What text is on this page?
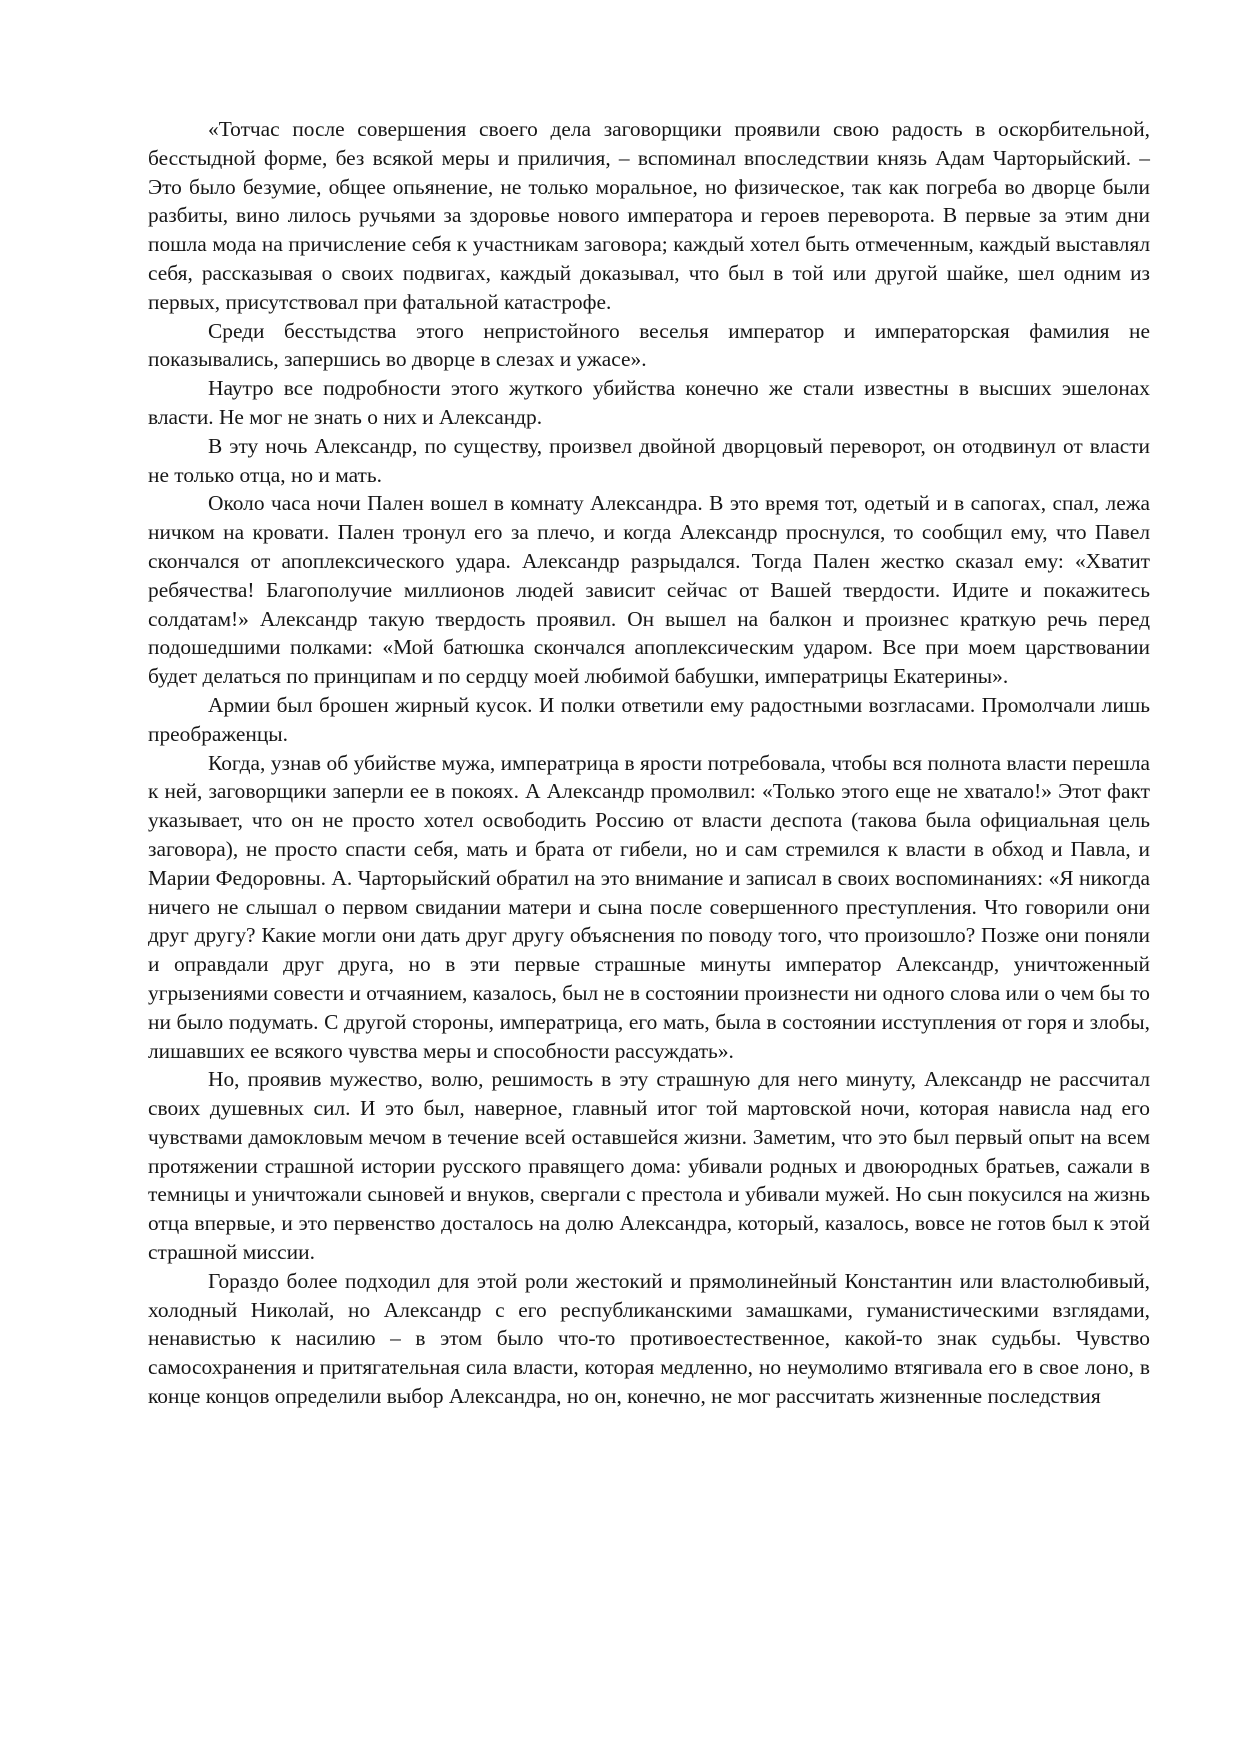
«Тотчас после совершения своего дела заговорщики проявили свою радость в оскорбительной, бесстыдной форме, без всякой меры и приличия, – вспоминал впоследствии князь Адам Чарторыйский. – Это было безумие, общее опьянение, не только моральное, но физическое, так как погреба во дворце были разбиты, вино лилось ручьями за здоровье нового императора и героев переворота. В первые за этим дни пошла мода на причисление себя к участникам заговора; каждый хотел быть отмеченным, каждый выставлял себя, рассказывая о своих подвигах, каждый доказывал, что был в той или другой шайке, шел одним из первых, присутствовал при фатальной катастрофе.

Среди бесстыдства этого непристойного веселья император и императорская фамилия не показывались, запершись во дворце в слезах и ужасе».

Наутро все подробности этого жуткого убийства конечно же стали известны в высших эшелонах власти. Не мог не знать о них и Александр.

В эту ночь Александр, по существу, произвел двойной дворцовый переворот, он отодвинул от власти не только отца, но и мать.

Около часа ночи Пален вошел в комнату Александра. В это время тот, одетый и в сапогах, спал, лежа ничком на кровати. Пален тронул его за плечо, и когда Александр проснулся, то сообщил ему, что Павел скончался от апоплексического удара. Александр разрыдался. Тогда Пален жестко сказал ему: «Хватит ребячества! Благополучие миллионов людей зависит сейчас от Вашей твердости. Идите и покажитесь солдатам!» Александр такую твердость проявил. Он вышел на балкон и произнес краткую речь перед подошедшими полками: «Мой батюшка скончался апоплексическим ударом. Все при моем царствовании будет делаться по принципам и по сердцу моей любимой бабушки, императрицы Екатерины».

Армии был брошен жирный кусок. И полки ответили ему радостными возгласами. Промолчали лишь преображенцы.

Когда, узнав об убийстве мужа, императрица в ярости потребовала, чтобы вся полнота власти перешла к ней, заговорщики заперли ее в покоях. А Александр промолвил: «Только этого еще не хватало!» Этот факт указывает, что он не просто хотел освободить Россию от власти деспота (такова была официальная цель заговора), не просто спасти себя, мать и брата от гибели, но и сам стремился к власти в обход и Павла, и Марии Федоровны. А. Чарторыйский обратил на это внимание и записал в своих воспоминаниях: «Я никогда ничего не слышал о первом свидании матери и сына после совершенного преступления. Что говорили они друг другу? Какие могли они дать друг другу объяснения по поводу того, что произошло? Позже они поняли и оправдали друг друга, но в эти первые страшные минуты император Александр, уничтоженный угрызениями совести и отчаянием, казалось, был не в состоянии произнести ни одного слова или о чем бы то ни было подумать. С другой стороны, императрица, его мать, была в состоянии исступления от горя и злобы, лишавших ее всякого чувства меры и способности рассуждать».

Но, проявив мужество, волю, решимость в эту страшную для него минуту, Александр не рассчитал своих душевных сил. И это был, наверное, главный итог той мартовской ночи, которая нависла над его чувствами дамокловым мечом в течение всей оставшейся жизни. Заметим, что это был первый опыт на всем протяжении страшной истории русского правящего дома: убивали родных и двоюродных братьев, сажали в темницы и уничтожали сыновей и внуков, свергали с престола и убивали мужей. Но сын покусился на жизнь отца впервые, и это первенство досталось на долю Александра, который, казалось, вовсе не готов был к этой страшной миссии.

Гораздо более подходил для этой роли жестокий и прямолинейный Константин или властолюбивый, холодный Николай, но Александр с его республиканскими замашками, гуманистическими взглядами, ненавистью к насилию – в этом было что-то противоестественное, какой-то знак судьбы. Чувство самосохранения и притягательная сила власти, которая медленно, но неумолимо втягивала его в свое лоно, в конце концов определили выбор Александра, но он, конечно, не мог рассчитать жизненные последствия
